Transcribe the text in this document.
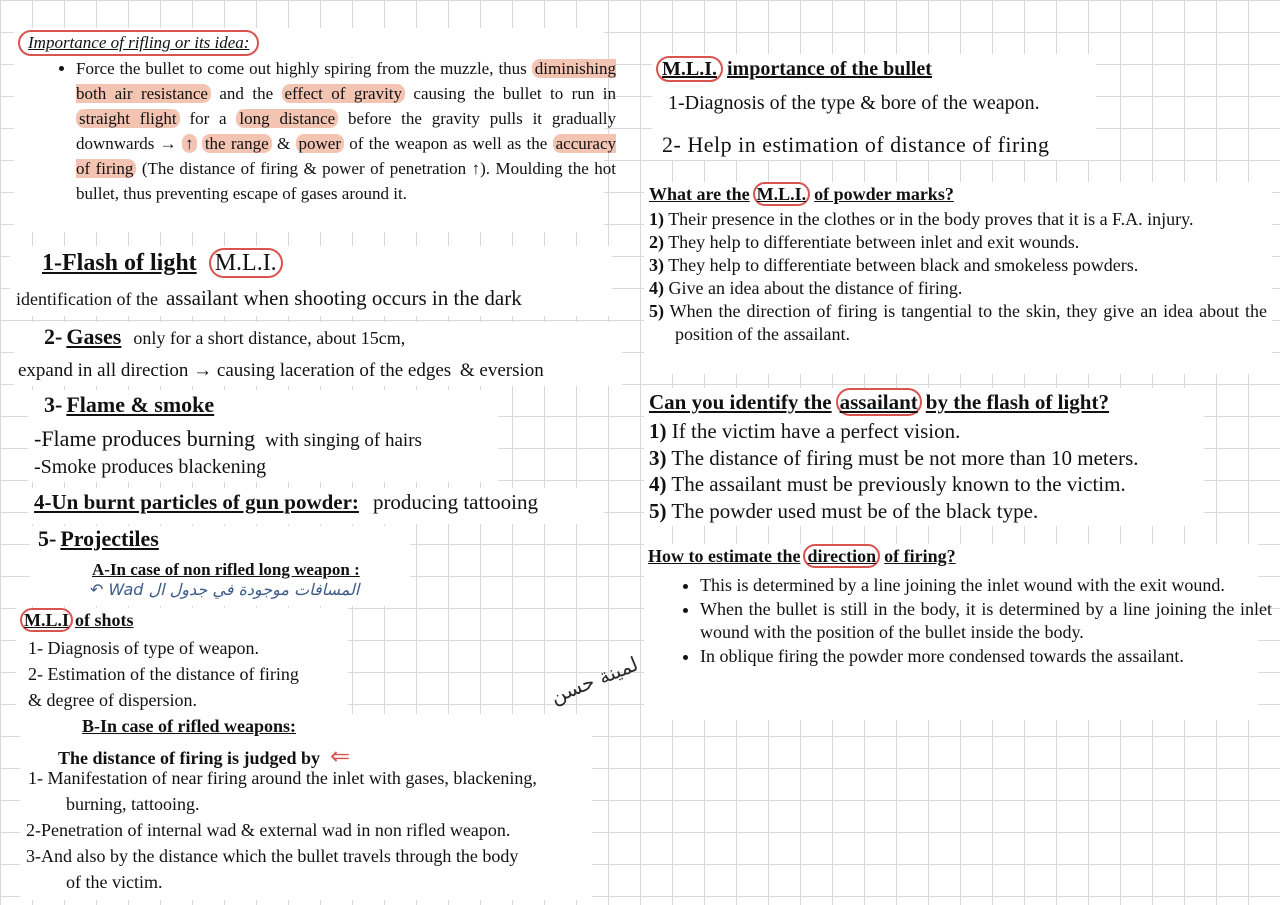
Importance of rifling or its idea:
• Force the bullet to come out highly spiring from the muzzle, thus diminishing both air resistance and the effect of gravity causing the bullet to run in straight flight for a long distance before the gravity pulls it gradually downwards → ↑ the range & power of the weapon as well as the accuracy of firing (The distance of firing & power of penetration ↑). Moulding the hot bullet, thus preventing escape of gases around it.
1-Flash of light M.L.I.
identification of the assailant when shooting occurs in the dark
2- Gases only for a short distance, about 15cm,
expand in all direction → causing laceration of the edges & eversion
3- Flame & smoke
-Flame produces burning with singing of hairs
-Smoke produces blackening
4-Un burnt particles of gun powder: producing tattooing
5- Projectiles
A-In case of non rifled long weapon :
المسافات موجودة في جدول ال Wad ↶
M.L.I of shots
1- Diagnosis of type of weapon.
2- Estimation of the distance of firing
& degree of dispersion.	لمينة حسن
B-In case of rifled weapons:
The distance of firing is judged by ⇐
1- Manifestation of near firing around the inlet with gases, blackening,
burning, tattooing.
2-Penetration of internal wad & external wad in non rifled weapon.
3-And also by the distance which the bullet travels through the body
of the victim.
M.L.I. importance of the bullet
1-Diagnosis of the type & bore of the weapon.
2- Help in estimation of distance of firing
What are the M.L.I. of powder marks?
1) Their presence in the clothes or in the body proves that it is a F.A. injury.
2) They help to differentiate between inlet and exit wounds.
3) They help to differentiate between black and smokeless powders.
4) Give an idea about the distance of firing.
5) When the direction of firing is tangential to the skin, they give an idea about the position of the assailant.
Can you identify the assailant by the flash of light?
1) If the victim have a perfect vision.
3) The distance of firing must be not more than 10 meters.
4) The assailant must be previously known to the victim.
5) The powder used must be of the black type.
How to estimate the direction of firing?
• This is determined by a line joining the inlet wound with the exit wound.
• When the bullet is still in the body, it is determined by a line joining the inlet wound with the position of the bullet inside the body.
• In oblique firing the powder more condensed towards the assailant.
